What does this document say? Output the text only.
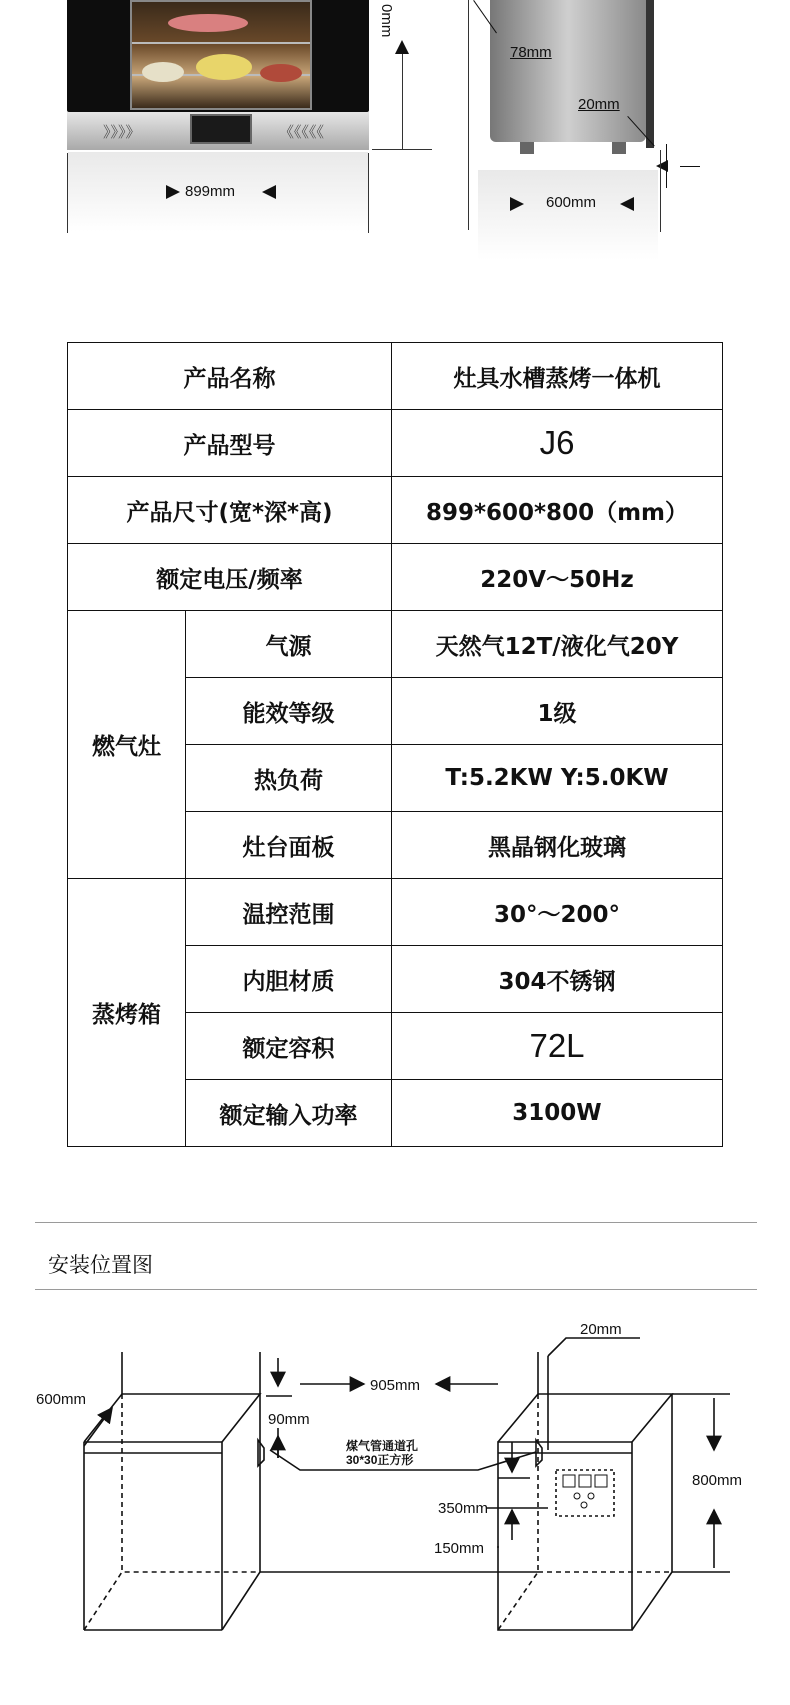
》》》》	《《《《《
899mm
0mm
78mm
20mm
600mm
产品名称		灶具水槽蒸烤一体机
产品型号		J6
产品尺寸(宽*深*高)		899*600*800（mm）
额定电压/频率		220V～50Hz
燃气灶	气源	天然气12T/液化气20Y
	能效等级	1级
	热负荷	T:5.2KW Y:5.0KW
	灶台面板	黑晶钢化玻璃
蒸烤箱	温控范围	30°～200°
	内胆材质	304不锈钢
	额定容积	72L
	额定输入功率	3100W
安装位置图
600mm
905mm
20mm
90mm
煤气管通道孔
30*30正方形
800mm
350mm
150mm
